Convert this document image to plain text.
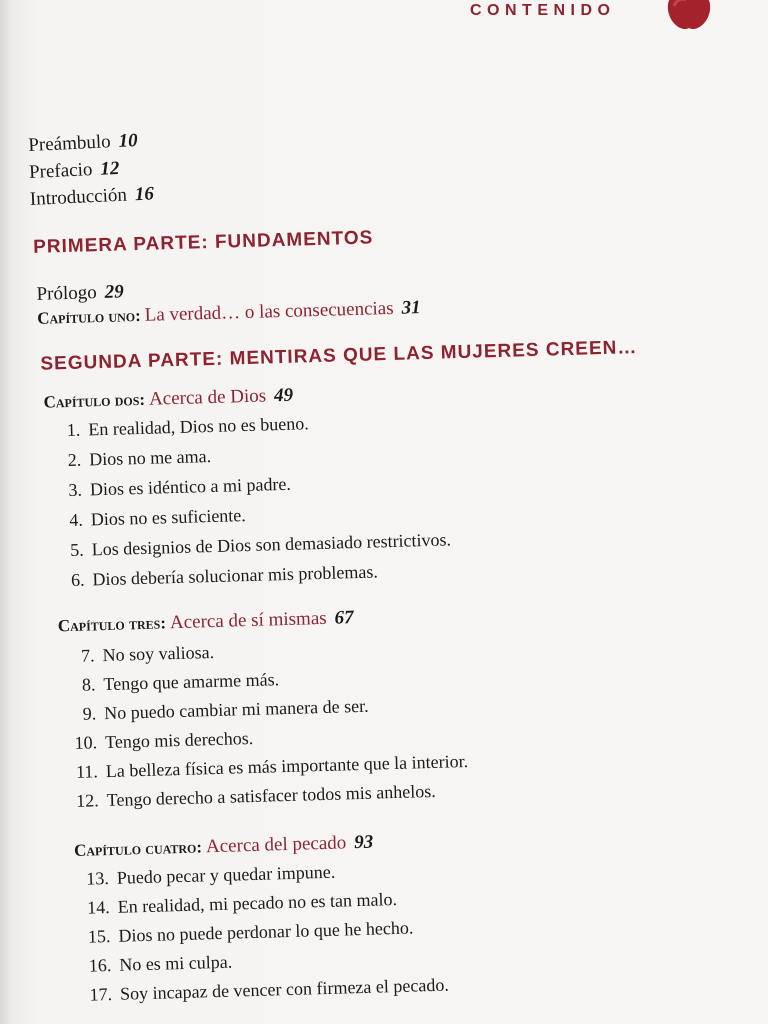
CONTENIDO
Preámbulo 10
Prefacio 12
Introducción 16
PRIMERA PARTE: FUNDAMENTOS
Prólogo 29
Capítulo uno: La verdad… o las consecuencias 31
SEGUNDA PARTE: MENTIRAS QUE LAS MUJERES CREEN…
Capítulo dos: Acerca de Dios 49
1. En realidad, Dios no es bueno.
2. Dios no me ama.
3. Dios es idéntico a mi padre.
4. Dios no es suficiente.
5. Los designios de Dios son demasiado restrictivos.
6. Dios debería solucionar mis problemas.
Capítulo tres: Acerca de sí mismas 67
7. No soy valiosa.
8. Tengo que amarme más.
9. No puedo cambiar mi manera de ser.
10. Tengo mis derechos.
11. La belleza física es más importante que la interior.
12. Tengo derecho a satisfacer todos mis anhelos.
Capítulo cuatro: Acerca del pecado 93
13. Puedo pecar y quedar impune.
14. En realidad, mi pecado no es tan malo.
15. Dios no puede perdonar lo que he hecho.
16. No es mi culpa.
17. Soy incapaz de vencer con firmeza el pecado.
